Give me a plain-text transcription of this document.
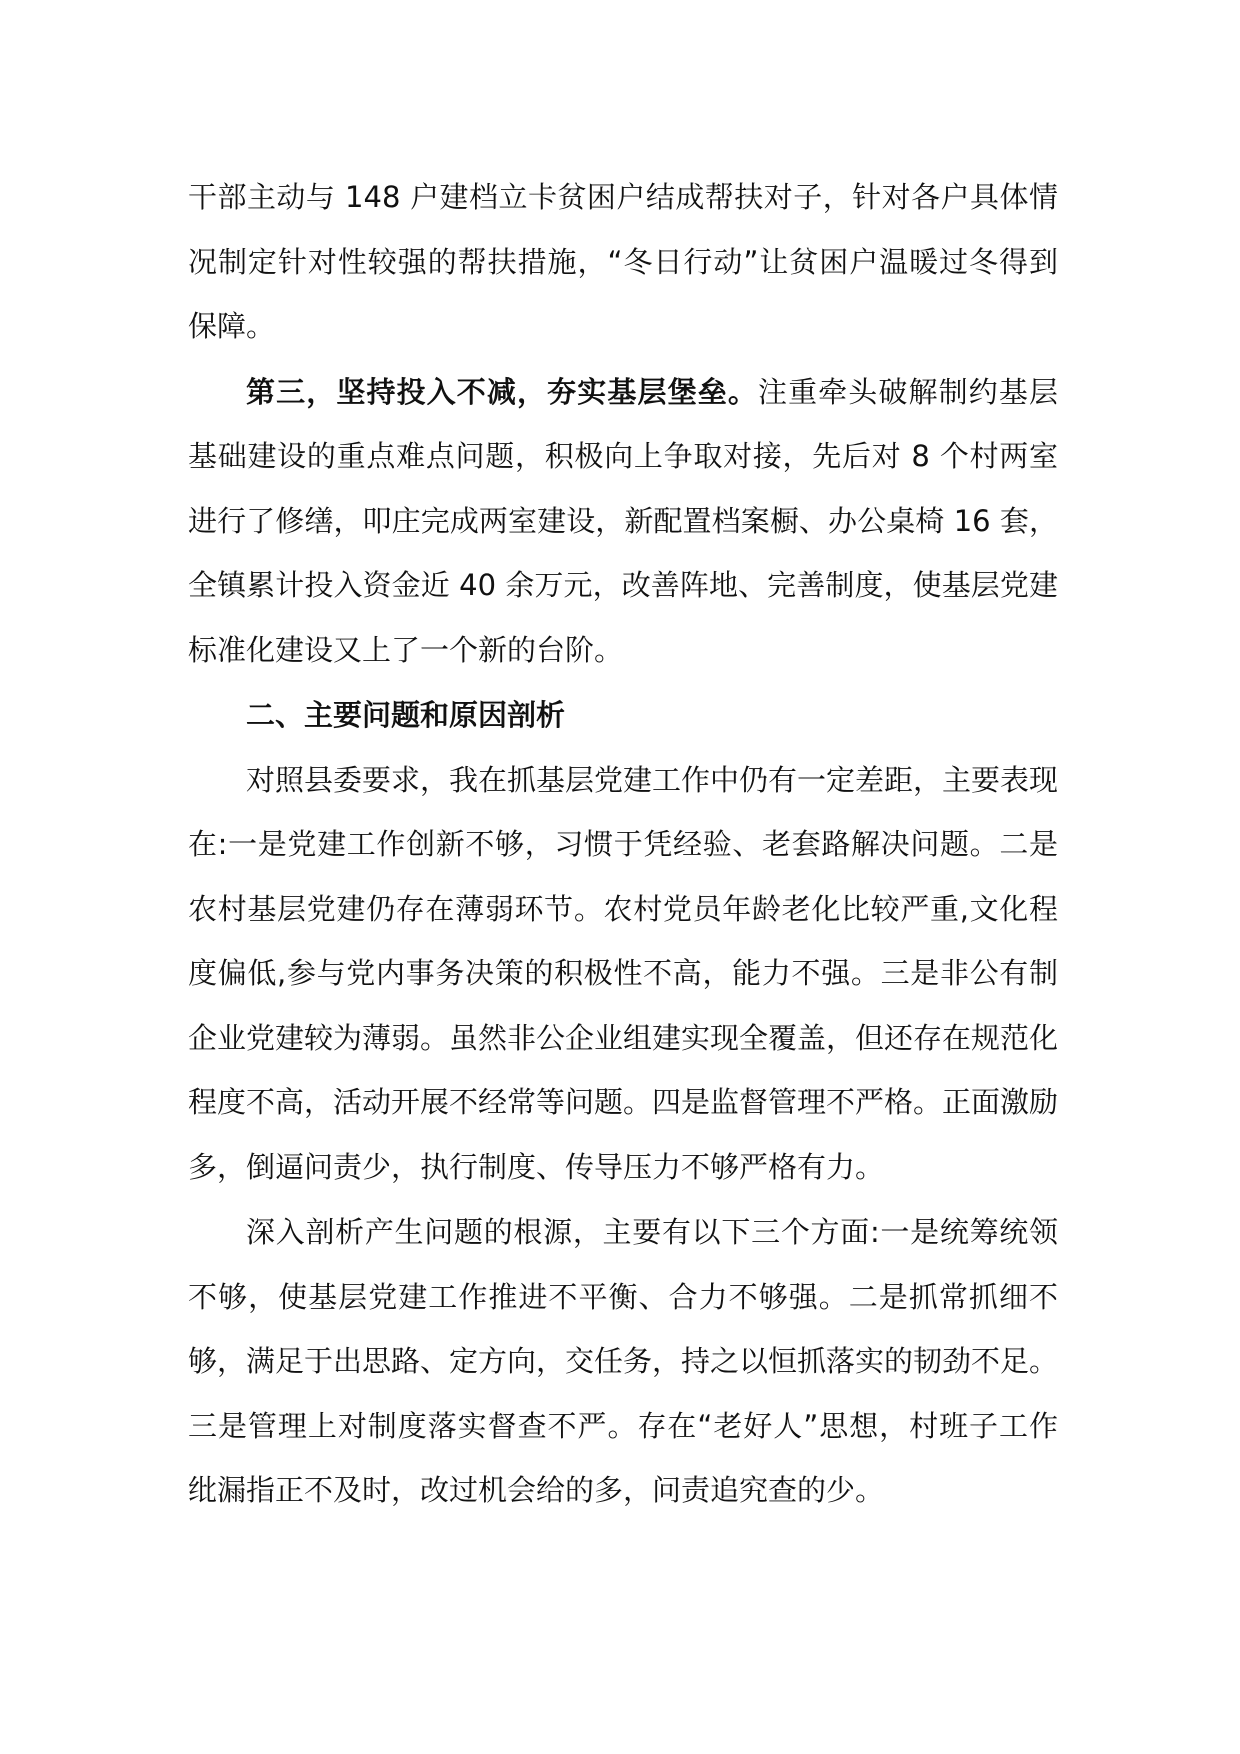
干部主动与 148 户建档立卡贫困户结成帮扶对子，针对各户具体情况制定针对性较强的帮扶措施，“冬日行动”让贫困户温暖过冬得到保障。

第三，坚持投入不减，夯实基层堡垒。注重牵头破解制约基层基础建设的重点难点问题，积极向上争取对接，先后对 8 个村两室进行了修缮，叩庄完成两室建设，新配置档案橱、办公桌椅 16 套，全镇累计投入资金近 40 余万元，改善阵地、完善制度，使基层党建标准化建设又上了一个新的台阶。

二、主要问题和原因剖析

对照县委要求，我在抓基层党建工作中仍有一定差距，主要表现在:一是党建工作创新不够，习惯于凭经验、老套路解决问题。二是农村基层党建仍存在薄弱环节。农村党员年龄老化比较严重,文化程度偏低,参与党内事务决策的积极性不高，能力不强。三是非公有制企业党建较为薄弱。虽然非公企业组建实现全覆盖，但还存在规范化程度不高，活动开展不经常等问题。四是监督管理不严格。正面激励多，倒逼问责少，执行制度、传导压力不够严格有力。

深入剖析产生问题的根源，主要有以下三个方面:一是统筹统领不够，使基层党建工作推进不平衡、合力不够强。二是抓常抓细不够，满足于出思路、定方向，交任务，持之以恒抓落实的韧劲不足。三是管理上对制度落实督查不严。存在“老好人”思想，村班子工作纰漏指正不及时，改过机会给的多，问责追究查的少。
